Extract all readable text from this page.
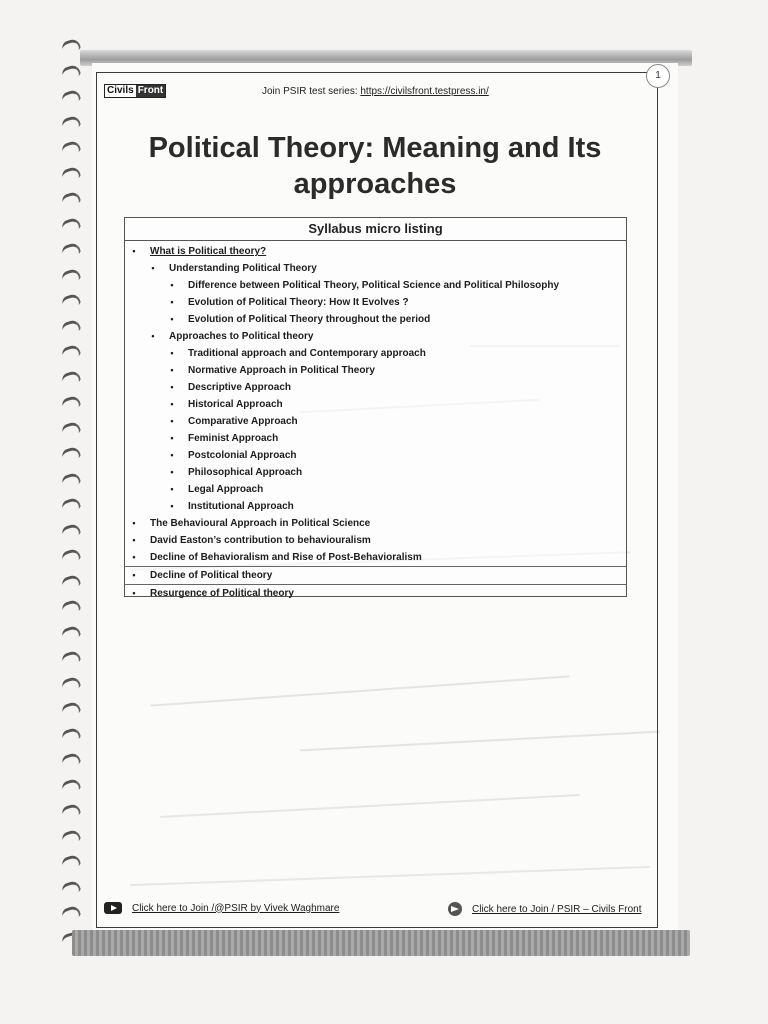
1
Civils Front	Join PSIR test series: https://civilsfront.testpress.in/
Political Theory: Meaning and Its approaches
Syllabus micro listing
• What is Political theory?
• Understanding Political Theory
• Difference between Political Theory, Political Science and Political Philosophy
• Evolution of Political Theory: How It Evolves ?
• Evolution of Political Theory throughout the period
• Approaches to Political theory
• Traditional approach and Contemporary approach
• Normative Approach in Political Theory
• Descriptive Approach
• Historical Approach
• Comparative Approach
• Feminist Approach
• Postcolonial Approach
• Philosophical Approach
• Legal Approach
• Institutional Approach
• The Behavioural Approach in Political Science
• David Easton’s contribution to behaviouralism
• Decline of Behavioralism and Rise of Post-Behavioralism
• Decline of Political theory
• Resurgence of Political theory
Click here to Join /@PSIR by Vivek Waghmare	Click here to Join / PSIR – Civils Front
